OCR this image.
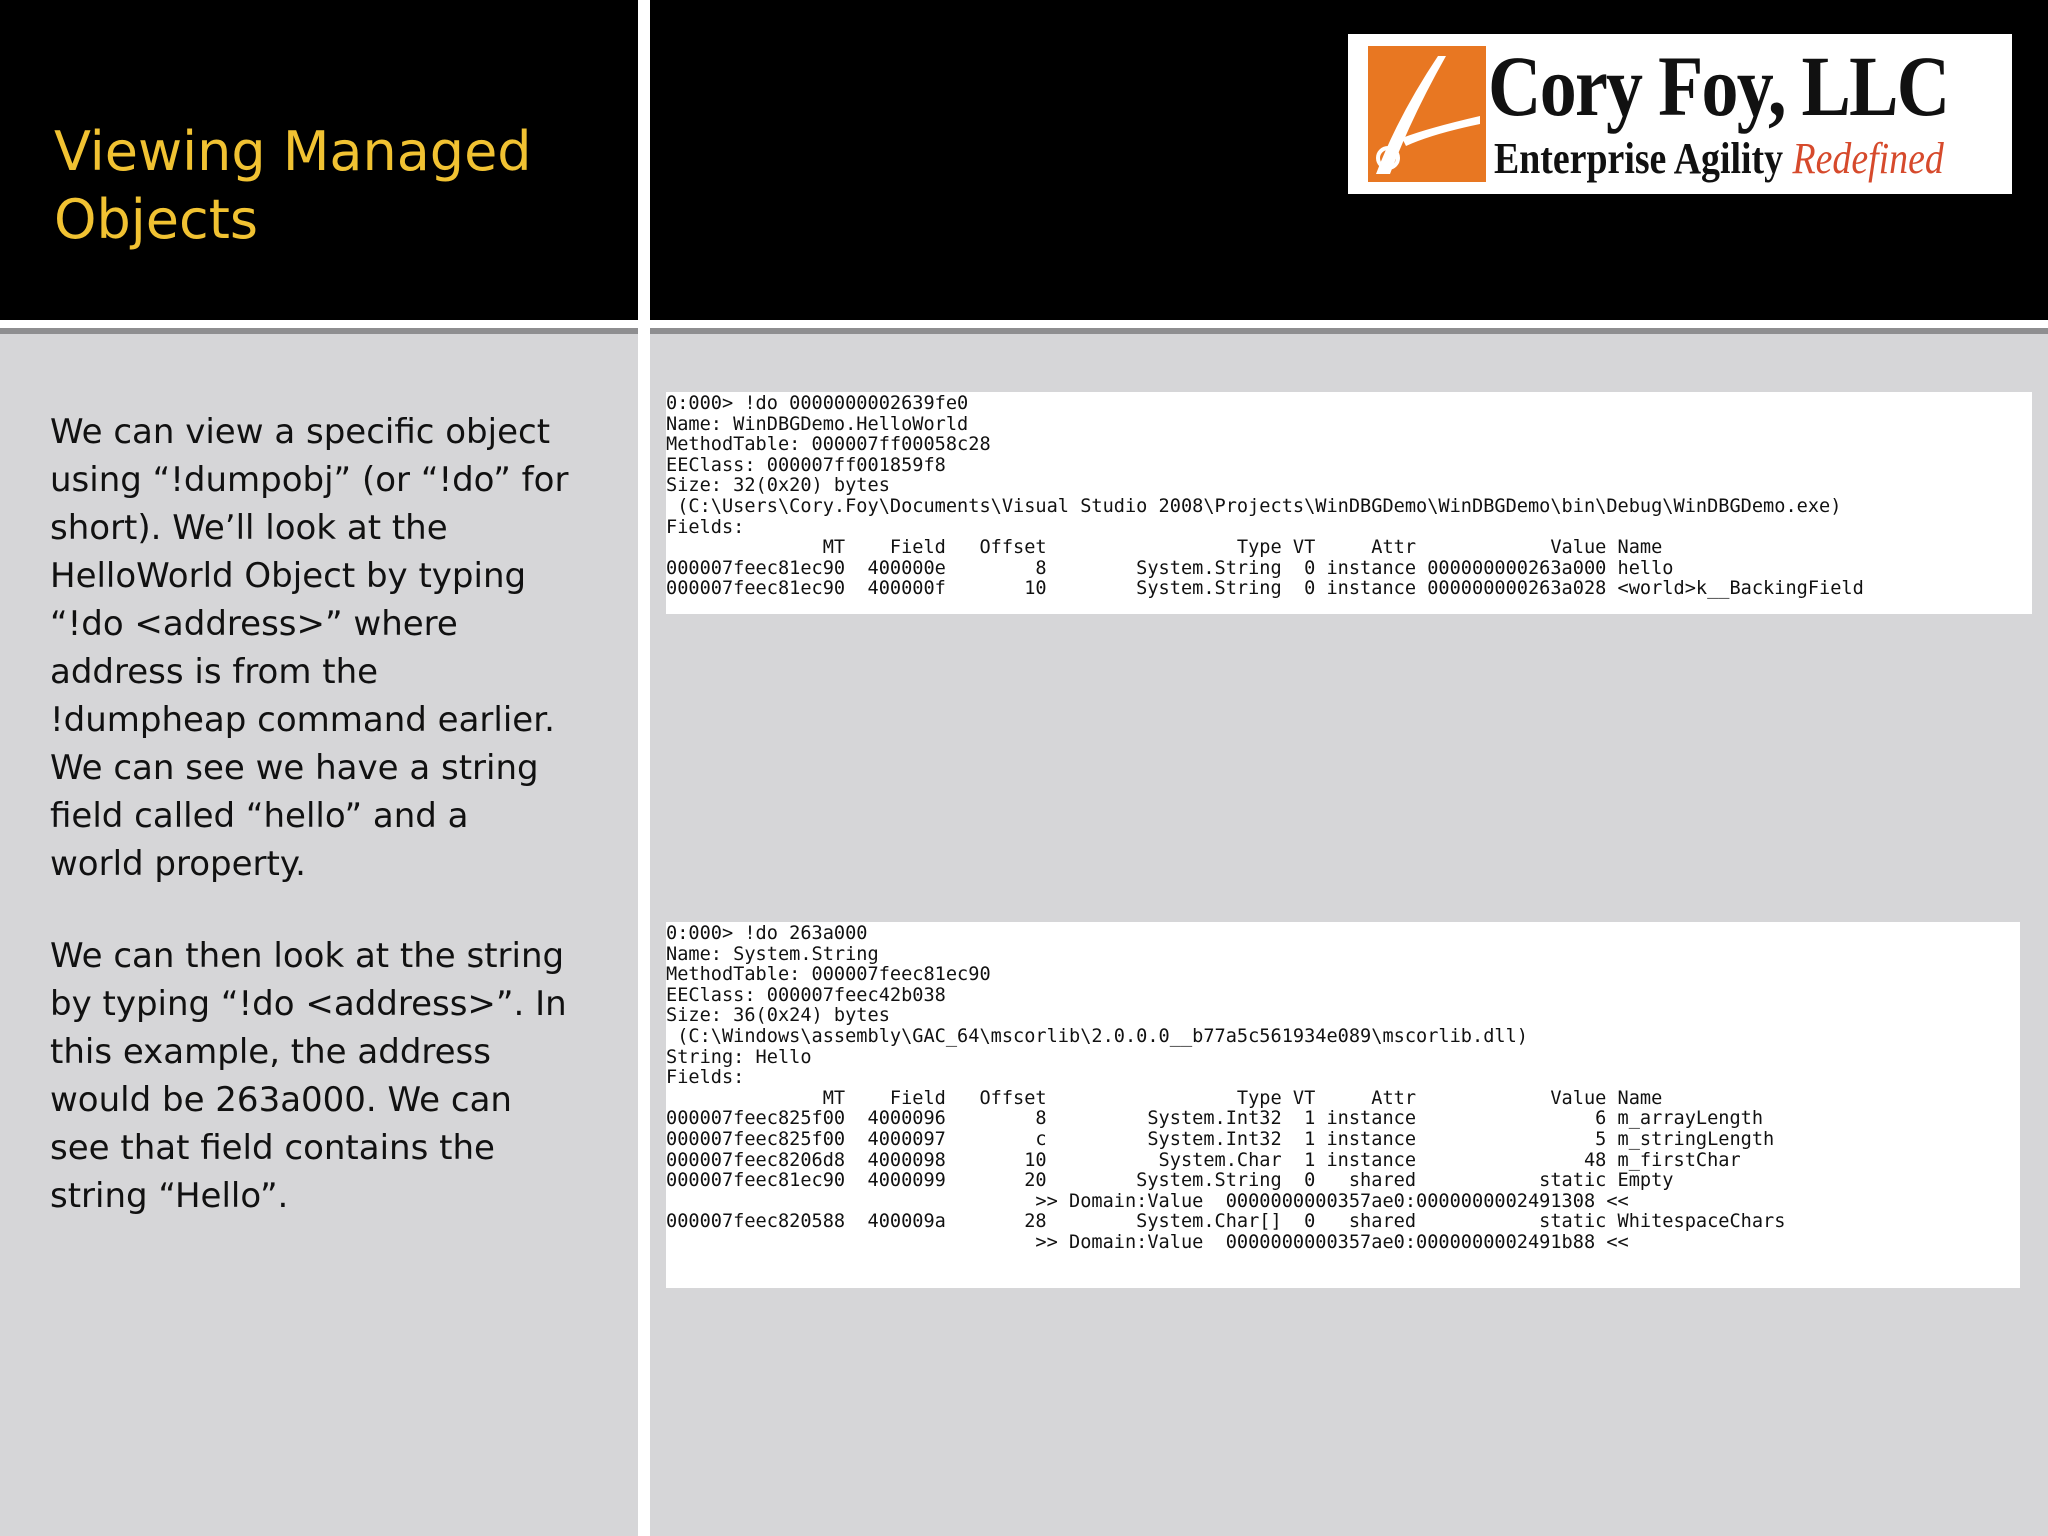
Viewing Managed
Objects
Cory Foy, LLC
Enterprise Agility Redefined
We can view a specific object using “!dumpobj” (or “!do” for short). We’ll look at the HelloWorld Object by typing “!do <address>” where address is from the !dumpheap command earlier. We can see we have a string field called “hello” and a world property.
We can then look at the string by typing “!do <address>”. In this example, the address would be 263a000. We can see that field contains the string “Hello”.
0:000> !do 0000000002639fe0
Name: WinDBGDemo.HelloWorld
MethodTable: 000007ff00058c28
EEClass: 000007ff001859f8
Size: 32(0x20) bytes
(C:\Users\Cory.Foy\Documents\Visual Studio 2008\Projects\WinDBGDemo\WinDBGDemo\bin\Debug\WinDBGDemo.exe)
Fields:
MT    Field   Offset                 Type VT     Attr            Value Name
000007feec81ec90  400000e        8        System.String  0 instance 000000000263a000 hello
000007feec81ec90  400000f       10        System.String  0 instance 000000000263a028 <world>k__BackingField
0:000> !do 263a000
Name: System.String
MethodTable: 000007feec81ec90
EEClass: 000007feec42b038
Size: 36(0x24) bytes
(C:\Windows\assembly\GAC_64\mscorlib\2.0.0.0__b77a5c561934e089\mscorlib.dll)
String: Hello
Fields:
MT    Field   Offset                 Type VT     Attr            Value Name
000007feec825f00  4000096        8         System.Int32  1 instance                6 m_arrayLength
000007feec825f00  4000097        c         System.Int32  1 instance                5 m_stringLength
000007feec8206d8  4000098       10          System.Char  1 instance               48 m_firstChar
000007feec81ec90  4000099       20        System.String  0   shared           static Empty
>> Domain:Value  0000000000357ae0:0000000002491308 <<
000007feec820588  400009a       28        System.Char[]  0   shared           static WhitespaceChars
>> Domain:Value  0000000000357ae0:0000000002491b88 <<
